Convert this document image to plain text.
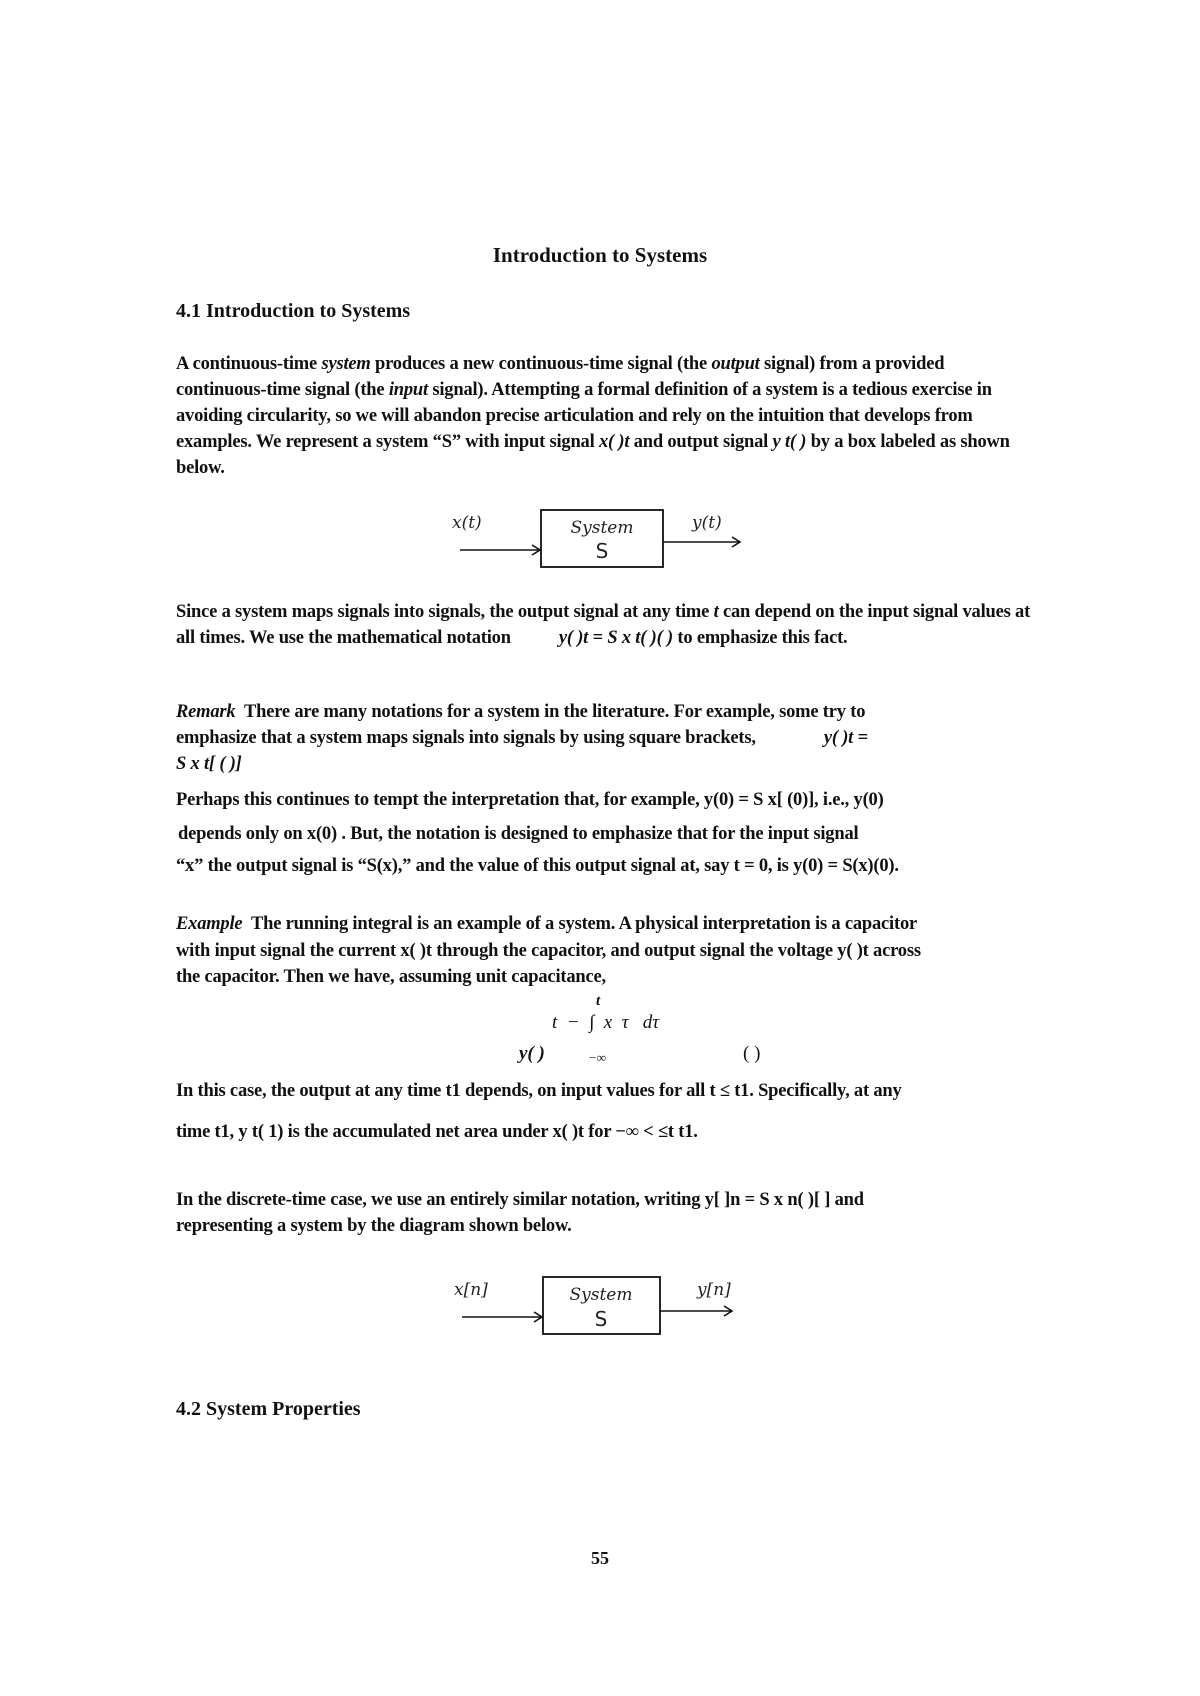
Introduction to Systems
4.1 Introduction to Systems

A continuous-time system produces a new continuous-time signal (the output signal) from a provided continuous-time signal (the input signal). Attempting a formal definition of a system is a tedious exercise in avoiding circularity, so we will abandon precise articulation and rely on the intuition that develops from examples. We represent a system “S” with input signal x( )t and output signal y t( ) by a box labeled as shown below.

x(t)	System
S
y(t)

Since a system maps signals into signals, the output signal at any time t can depend on the input signal values at all times. We use the mathematical notation	y( )t = S x t( )( ) to emphasize this fact.

Remark There are many notations for a system in the literature. For example, some try to
emphasize that a system maps signals into signals by using square brackets,	y( )t =
S x t[ ( )]
Perhaps this continues to tempt the interpretation that, for example, y(0) = S x[ (0)], i.e., y(0)
depends only on x(0) . But, the notation is designed to emphasize that for the input signal
“x” the output signal is “S(x),” and the value of this output signal at, say t = 0, is y(0) = S(x)(0).
Example The running integral is an example of a system. A physical interpretation is a capacitor
with input signal the current x( )t through the capacitor, and output signal the voltage y( )t across
the capacitor. Then we have, assuming unit capacitance,
t
t  −  ∫  x  τ   dτ
y( )	−∞	( )
In this case, the output at any time t1 depends, on input values for all t ≤ t1. Specifically, at any
time t1, y t( 1) is the accumulated net area under x( )t for −∞ < ≤t t1.
In the discrete-time case, we use an entirely similar notation, writing y[ ]n = S x n( )[ ] and
representing a system by the diagram shown below.
x[n]	System
S
y[n]
4.2 System Properties
55
